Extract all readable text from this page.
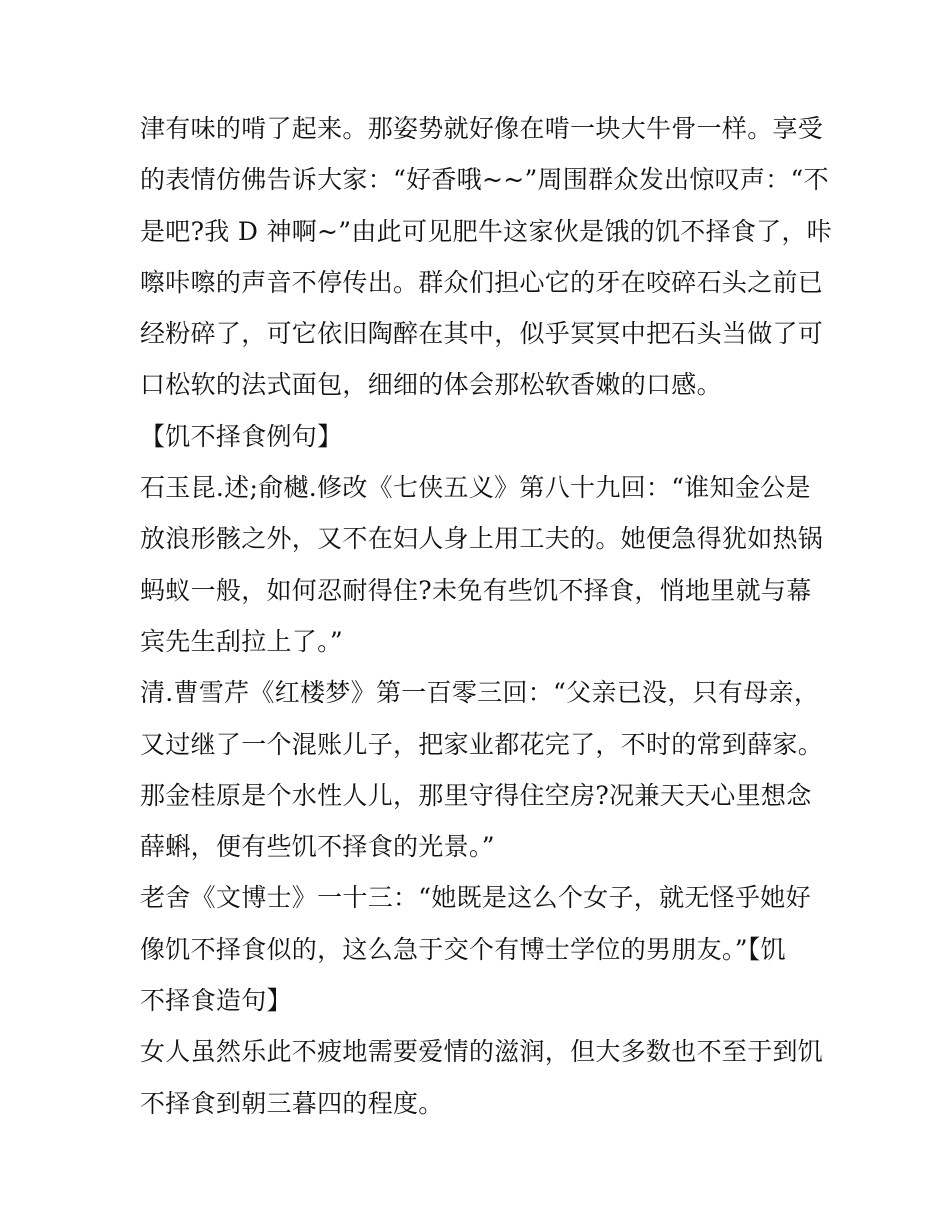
津有味的啃了起来。那姿势就好像在啃一块大牛骨一样。享受
的表情仿佛告诉大家：“好香哦~~”周围群众发出惊叹声：“不
是吧?我 D 神啊~”由此可见肥牛这家伙是饿的饥不择食了，咔
嚓咔嚓的声音不停传出。群众们担心它的牙在咬碎石头之前已
经粉碎了，可它依旧陶醉在其中，似乎冥冥中把石头当做了可
口松软的法式面包，细细的体会那松软香嫩的口感。
【饥不择食例句】
石玉昆.述;俞樾.修改《七侠五义》第八十九回：“谁知金公是
放浪形骸之外，又不在妇人身上用工夫的。她便急得犹如热锅
蚂蚁一般，如何忍耐得住?未免有些饥不择食，悄地里就与幕
宾先生刮拉上了。”
清.曹雪芹《红楼梦》第一百零三回：“父亲已没，只有母亲，
又过继了一个混账儿子，把家业都花完了，不时的常到薛家。
那金桂原是个水性人儿，那里守得住空房?况兼天天心里想念
薛蝌，便有些饥不择食的光景。”
老舍《文博士》一十三：“她既是这么个女子，就无怪乎她好
像饥不择食似的，这么急于交个有博士学位的男朋友。”【饥
不择食造句】
女人虽然乐此不疲地需要爱情的滋润，但大多数也不至于到饥
不择食到朝三暮四的程度。
